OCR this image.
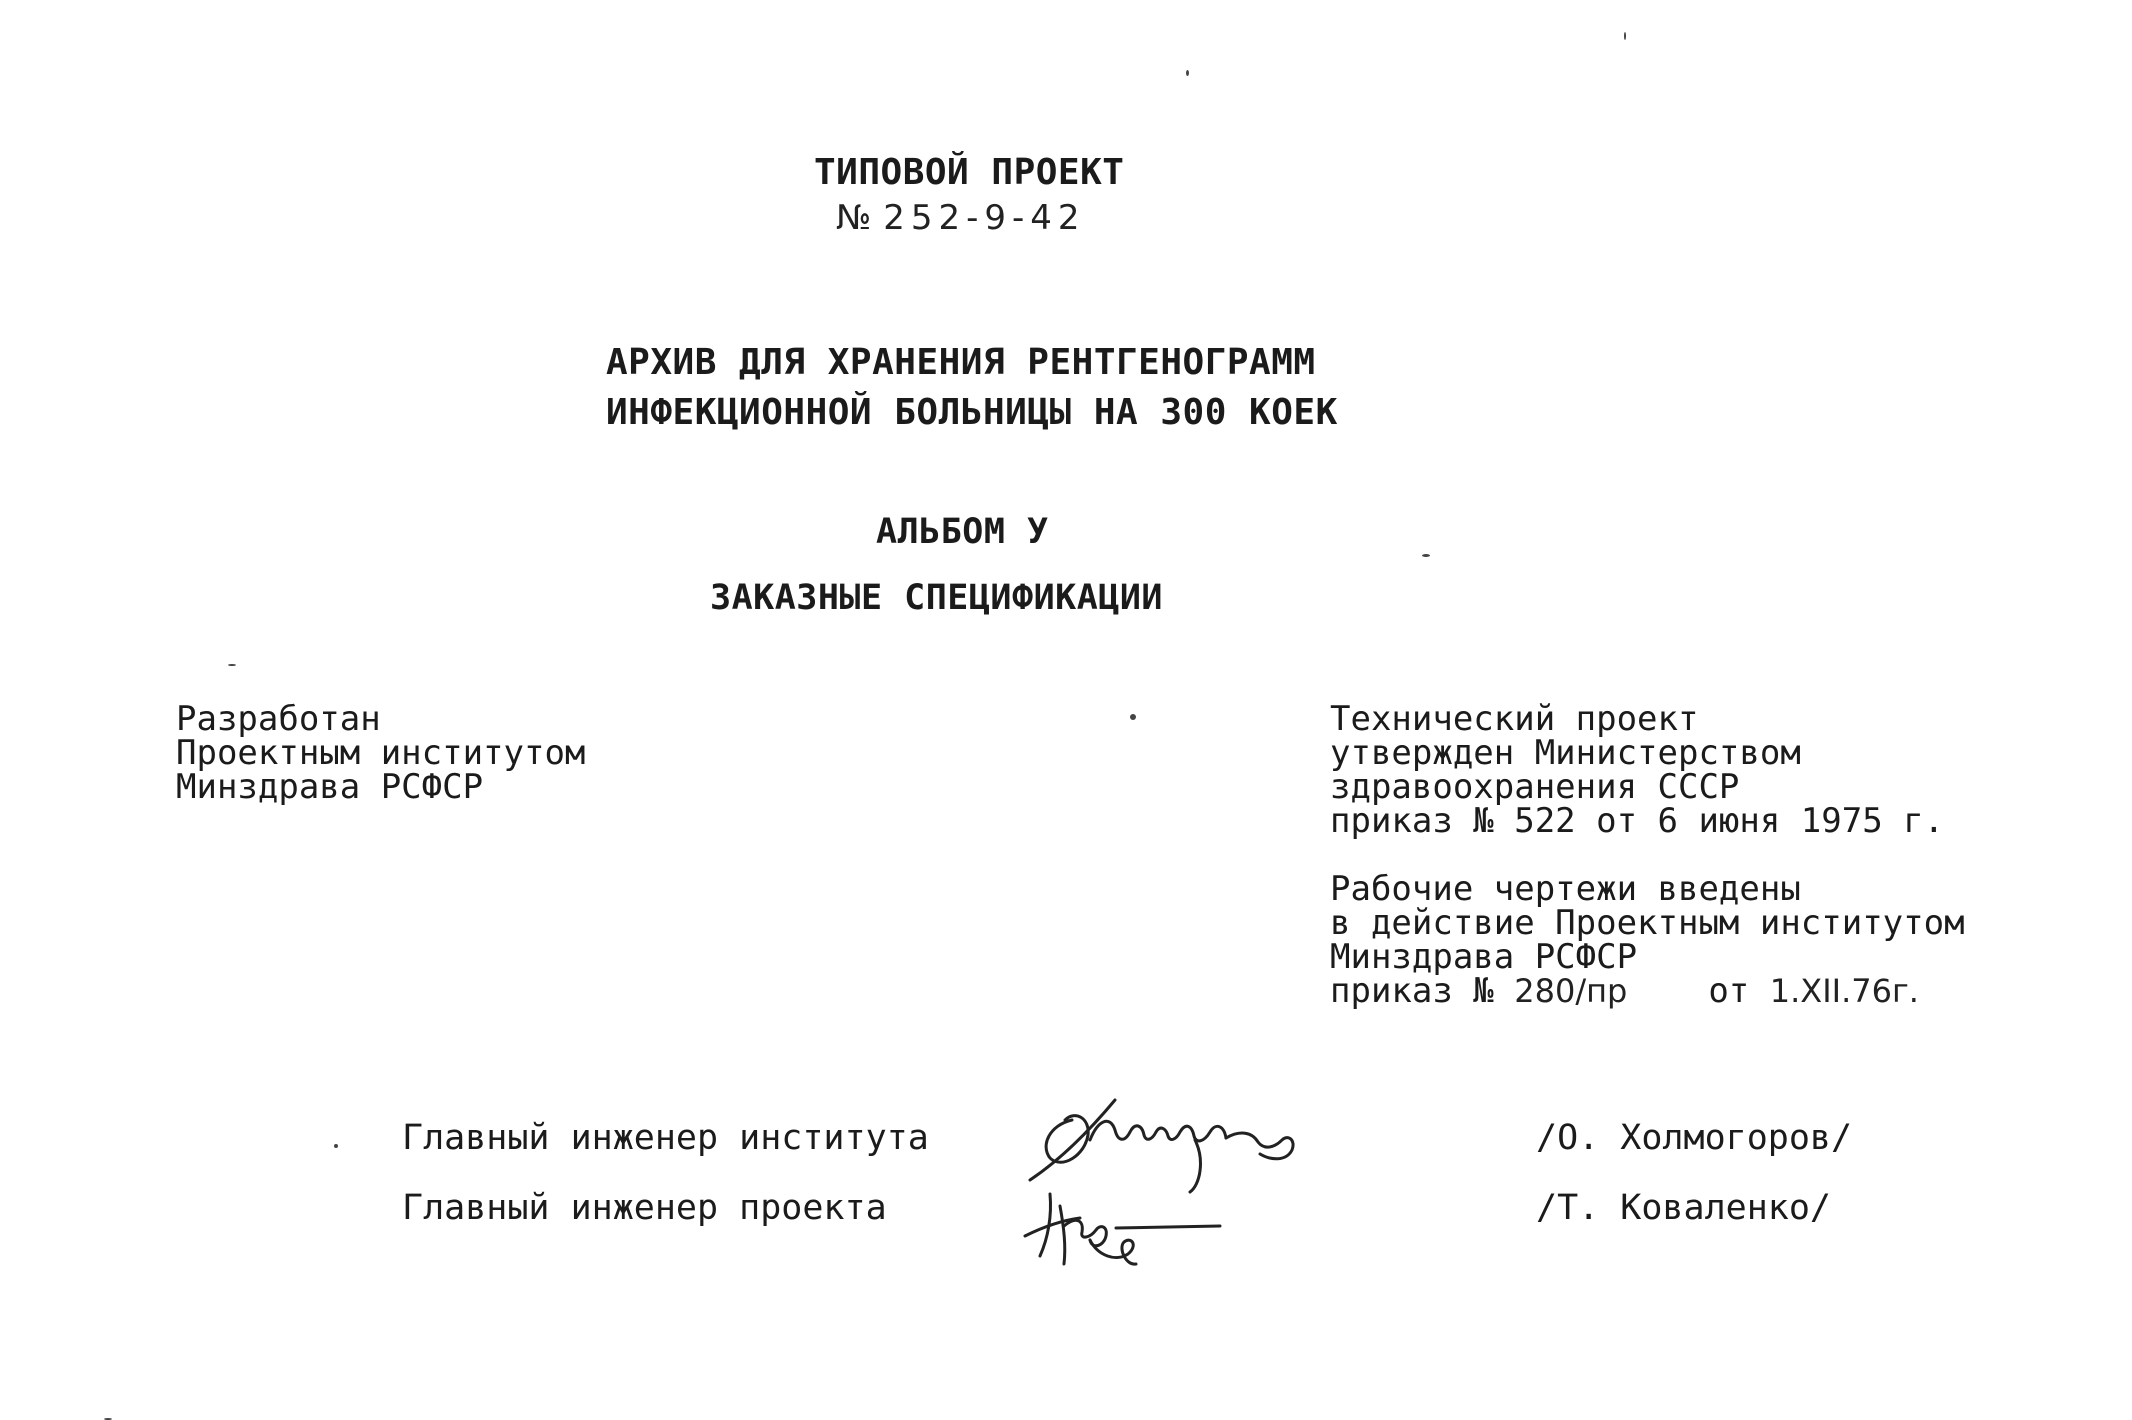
ТИПОВОЙ ПРОЕКТ
№ 252-9-42
АРХИВ ДЛЯ ХРАНЕНИЯ РЕНТГЕНОГРАММ
ИНФЕКЦИОННОЙ БОЛЬНИЦЫ НА 300 КОЕК
АЛЬБОМ У
ЗАКАЗНЫЕ СПЕЦИФИКАЦИИ
Разработан
Проектным институтом
Минздрава РСФСР
Технический проект
утвержден Министерством
здравоохранения СССР
приказ № 522 от 6 июня 1975 г.
Рабочие чертежи введены
в действие Проектным институтом
Минздрава РСФСР
приказ № 280/пр от 1.XII.76г.
Главный инженер института	/О. Холмогоров/
Главный инженер проекта	/Т. Коваленко/
